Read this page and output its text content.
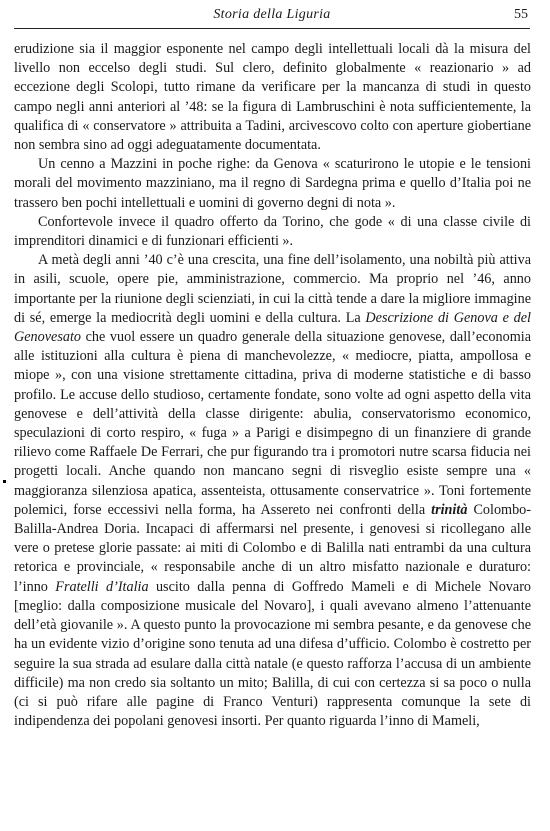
Storia della Liguria	55

erudizione sia il maggior esponente nel campo degli intellettuali locali dà la misura del livello non eccelso degli studi. Sul clero, definito globalmente « reazionario » ad eccezione degli Scolopi, tutto rimane da verificare per la mancanza di studi in questo campo negli anni anteriori al ’48: se la figura di Lambruschini è nota sufficientemente, la qualifica di « conservatore » attribuita a Tadini, arcivescovo colto con aperture giobertiane non sembra sino ad oggi adeguatamente documentata.

Un cenno a Mazzini in poche righe: da Genova « scaturirono le utopie e le tensioni morali del movimento mazziniano, ma il regno di Sardegna prima e quello d’Italia poi ne trassero ben pochi intellettuali e uomini di governo degni di nota ».

Confortevole invece il quadro offerto da Torino, che gode « di una classe civile di imprenditori dinamici e di funzionari efficienti ».

A metà degli anni ’40 c’è una crescita, una fine dell’isolamento, una nobiltà più attiva in asili, scuole, opere pie, amministrazione, commercio. Ma proprio nel ’46, anno importante per la riunione degli scienziati, in cui la città tende a dare la migliore immagine di sé, emerge la mediocrità degli uomini e della cultura. La Descrizione di Genova e del Genovesato che vuol essere un quadro generale della situazione genovese, dall’economia alle istituzioni alla cultura è piena di manchevolezze, « mediocre, piatta, ampollosa e miope », con una visione strettamente cittadina, priva di moderne statistiche e di basso profilo. Le accuse dello studioso, certamente fondate, sono volte ad ogni aspetto della vita genovese e dell’attività della classe dirigente: abulia, conservatorismo economico, speculazioni di corto respiro, « fuga » a Parigi e disimpegno di un finanziere di grande rilievo come Raffaele De Ferrari, che pur figurando tra i promotori nutre scarsa fiducia nei progetti locali. Anche quando non mancano segni di risveglio esiste sempre una « maggioranza silenziosa apatica, assenteista, ottusamente conservatrice ». Toni fortemente polemici, forse eccessivi nella forma, ha Assereto nei confronti della trinità Colombo-Balilla-Andrea Doria. Incapaci di affermarsi nel presente, i genovesi si ricollegano alle vere o pretese glorie passate: ai miti di Colombo e di Balilla nati entrambi da una cultura retorica e provinciale, « responsabile anche di un altro misfatto nazionale e duraturo: l’inno Fratelli d’Italia uscito dalla penna di Goffredo Mameli e di Michele Novaro [meglio: dalla composizione musicale del Novaro], i quali avevano almeno l’attenuante dell’età giovanile ». A questo punto la provocazione mi sembra pesante, e da genovese che ha un evidente vizio d’origine sono tenuta ad una difesa d’ufficio. Colombo è costretto per seguire la sua strada ad esulare dalla città natale (e questo rafforza l’accusa di un ambiente difficile) ma non credo sia soltanto un mito; Balilla, di cui con certezza si sa poco o nulla (ci si può rifare alle pagine di Franco Venturi) rappresenta comunque la sete di indipendenza dei popolani genovesi insorti. Per quanto riguarda l’inno di Mameli,
